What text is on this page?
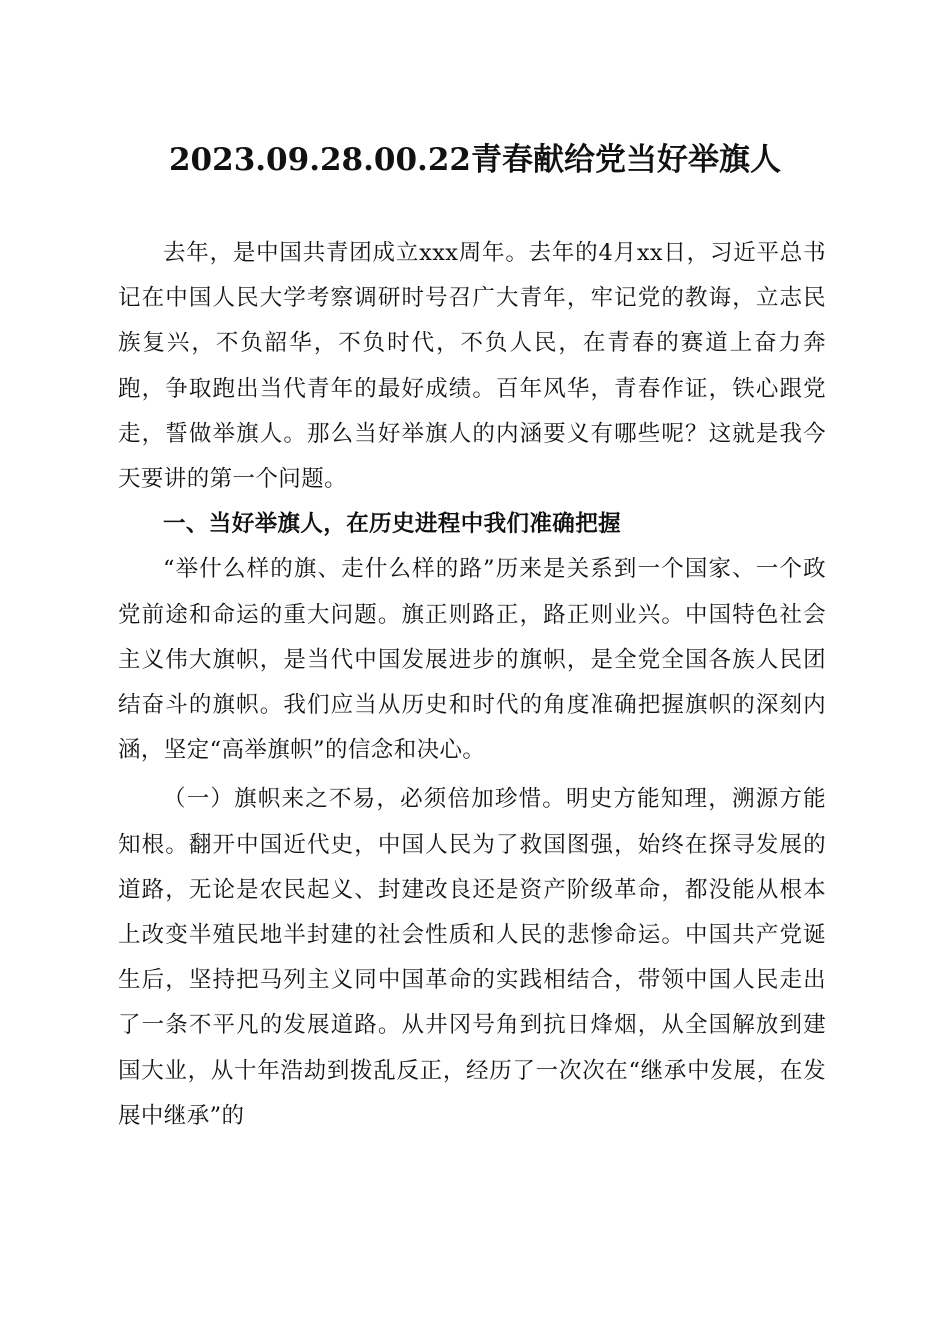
2023.09.28.00.22青春献给党当好举旗人

去年，是中国共青团成立xxx周年。去年的4月xx日，习近平总书记在中国人民大学考察调研时号召广大青年，牢记党的教诲，立志民族复兴，不负韶华，不负时代，不负人民，在青春的赛道上奋力奔跑，争取跑出当代青年的最好成绩。百年风华，青春作证，铁心跟党走，誓做举旗人。那么当好举旗人的内涵要义有哪些呢？这就是我今天要讲的第一个问题。

一、当好举旗人，在历史进程中我们准确把握

“举什么样的旗、走什么样的路”历来是关系到一个国家、一个政党前途和命运的重大问题。旗正则路正，路正则业兴。中国特色社会主义伟大旗帜，是当代中国发展进步的旗帜，是全党全国各族人民团结奋斗的旗帜。我们应当从历史和时代的角度准确把握旗帜的深刻内涵，坚定“高举旗帜”的信念和决心。

（一）旗帜来之不易，必须倍加珍惜。明史方能知理，溯源方能知根。翻开中国近代史，中国人民为了救国图强，始终在探寻发展的道路，无论是农民起义、封建改良还是资产阶级革命，都没能从根本上改变半殖民地半封建的社会性质和人民的悲惨命运。中国共产党诞生后，坚持把马列主义同中国革命的实践相结合，带领中国人民走出了一条不平凡的发展道路。从井冈号角到抗日烽烟，从全国解放到建国大业，从十年浩劫到拨乱反正，经历了一次次在“继承中发展，在发展中继承”的
